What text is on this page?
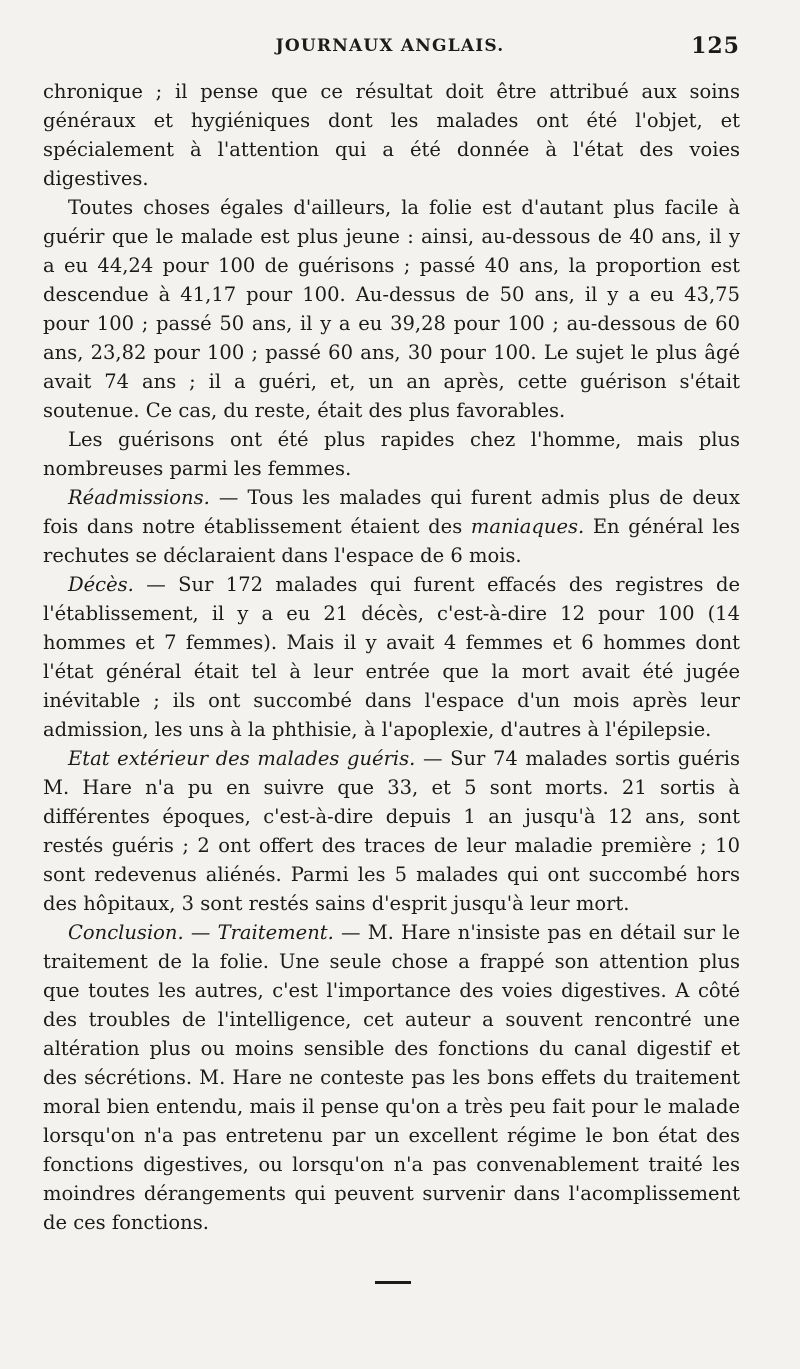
JOURNAUX ANGLAIS.	125

chronique ; il pense que ce résultat doit être attribué aux soins généraux et hygiéniques dont les malades ont été l'objet, et spécialement à l'attention qui a été donnée à l'état des voies digestives.

Toutes choses égales d'ailleurs, la folie est d'autant plus facile à guérir que le malade est plus jeune : ainsi, au-dessous de 40 ans, il y a eu 44,24 pour 100 de guérisons ; passé 40 ans, la proportion est descendue à 41,17 pour 100. Au-dessus de 50 ans, il y a eu 43,75 pour 100 ; passé 50 ans, il y a eu 39,28 pour 100 ; au-dessous de 60 ans, 23,82 pour 100 ; passé 60 ans, 30 pour 100. Le sujet le plus âgé avait 74 ans ; il a guéri, et, un an après, cette guérison s'était soutenue. Ce cas, du reste, était des plus favorables.

Les guérisons ont été plus rapides chez l'homme, mais plus nombreuses parmi les femmes.

Réadmissions. — Tous les malades qui furent admis plus de deux fois dans notre établissement étaient des maniaques. En général les rechutes se déclaraient dans l'espace de 6 mois.

Décès. — Sur 172 malades qui furent effacés des registres de l'établissement, il y a eu 21 décès, c'est-à-dire 12 pour 100 (14 hommes et 7 femmes). Mais il y avait 4 femmes et 6 hommes dont l'état général était tel à leur entrée que la mort avait été jugée inévitable ; ils ont succombé dans l'espace d'un mois après leur admission, les uns à la phthisie, à l'apoplexie, d'autres à l'épilepsie.

Etat extérieur des malades guéris. — Sur 74 malades sortis guéris M. Hare n'a pu en suivre que 33, et 5 sont morts. 21 sortis à différentes époques, c'est-à-dire depuis 1 an jusqu'à 12 ans, sont restés guéris ; 2 ont offert des traces de leur maladie première ; 10 sont redevenus aliénés. Parmi les 5 malades qui ont succombé hors des hôpitaux, 3 sont restés sains d'esprit jusqu'à leur mort.

Conclusion. — Traitement. — M. Hare n'insiste pas en détail sur le traitement de la folie. Une seule chose a frappé son attention plus que toutes les autres, c'est l'importance des voies digestives. A côté des troubles de l'intelligence, cet auteur a souvent rencontré une altération plus ou moins sensible des fonctions du canal digestif et des sécrétions. M. Hare ne conteste pas les bons effets du traitement moral bien entendu, mais il pense qu'on a très peu fait pour le malade lorsqu'on n'a pas entretenu par un excellent régime le bon état des fonctions digestives, ou lorsqu'on n'a pas convenablement traité les moindres dérangements qui peuvent survenir dans l'acomplissement de ces fonctions.
